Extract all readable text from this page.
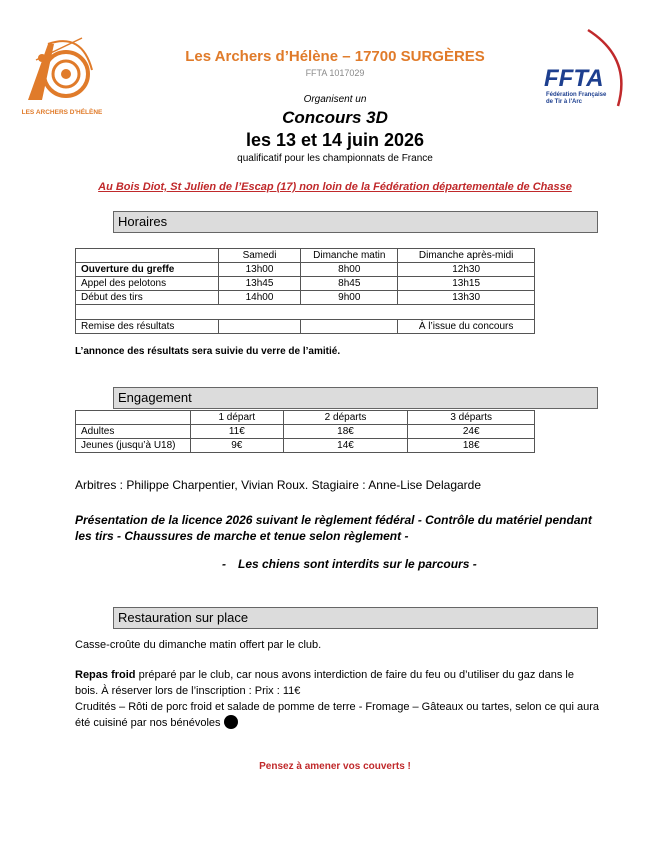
LES ARCHERS D'HÉLÈNE
FFTA
Fédération Française
de Tir à l'Arc
Les Archers d’Hélène – 17700 SURGÈRES
FFTA 1017029
Organisent un
Concours 3D
les 13 et 14 juin 2026
qualificatif pour les championnats de France
Au Bois Diot, St Julien de l’Escap (17) non loin de la Fédération départementale de Chasse
Horaires
	Samedi	Dimanche matin	Dimanche après-midi
Ouverture du greffe	13h00	8h00	12h30
Appel des pelotons	13h45	8h45	13h15
Début des tirs	14h00	9h00	13h30

Remise des résultats			À l’issue du concours
L’annonce des résultats sera suivie du verre de l’amitié.
Engagement
	1 départ	2 départs	3 départs
Adultes	11€	18€	24€
Jeunes (jusqu’à U18)	9€	14€	18€
Arbitres : Philippe Charpentier, Vivian Roux. Stagiaire : Anne-Lise Delagarde
Présentation de la licence 2026 suivant le règlement fédéral - Contrôle du matériel pendant les tirs - Chaussures de marche et tenue selon règlement -
- Les chiens sont interdits sur le parcours -
Restauration sur place
Casse-croûte du dimanche matin offert par le club.
Repas froid préparé par le club, car nous avons interdiction de faire du feu ou d’utiliser du gaz dans le bois. À réserver lors de l’inscription : Prix : 11€
Crudités – Rôti de porc froid et salade de pomme de terre - Fromage – Gâteaux ou tartes, selon ce qui aura été cuisiné par nos bénévoles
Pensez à amener vos couverts !
